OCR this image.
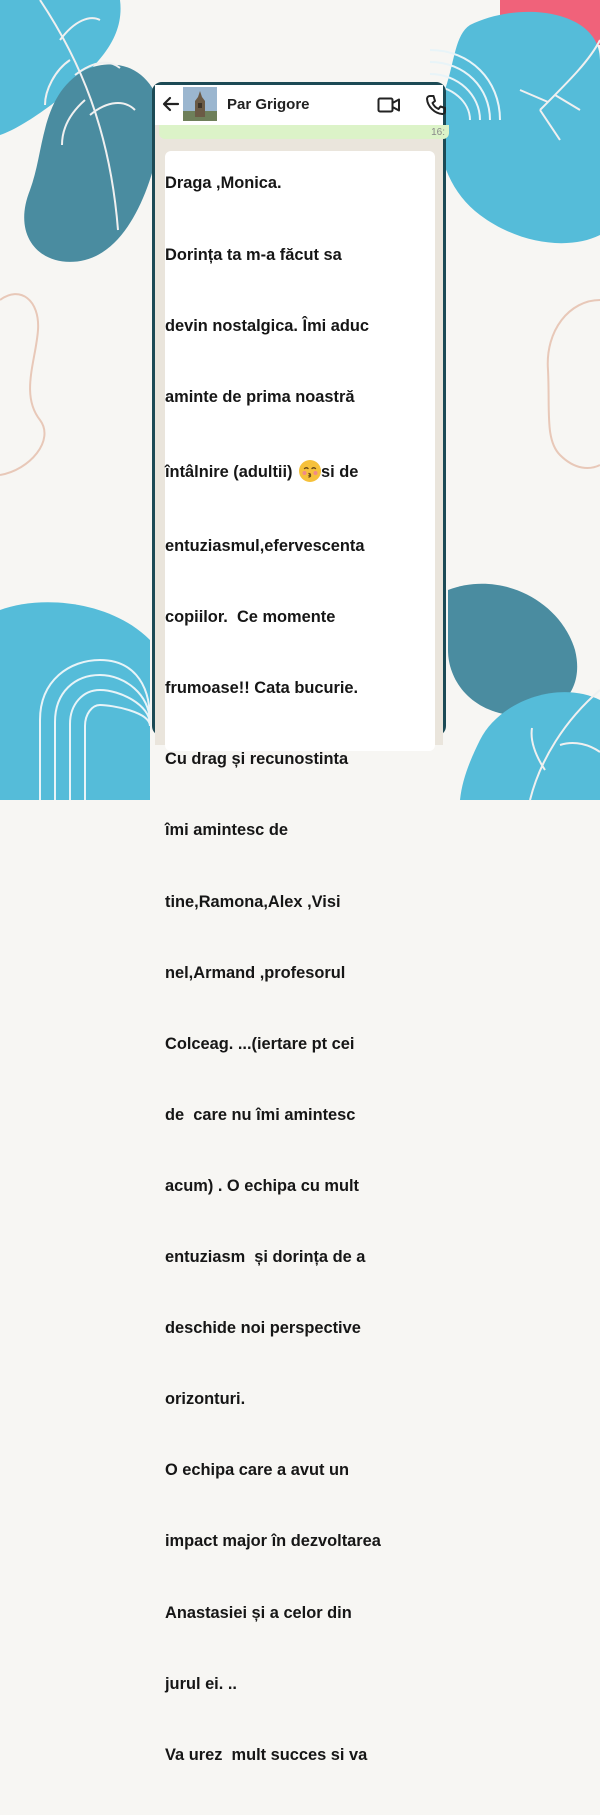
Par Grigore
16:

Draga ,Monica.

Dorința ta m-a făcut sa

devin nostalgica. Îmi aduc

aminte de prima noastră

întâlnire (adultii) si de

entuziasmul,efervescenta

copiilor.  Ce momente

frumoase!! Cata bucurie.

Cu drag și recunostinta

îmi amintesc de

tine,Ramona,Alex ,Visi

nel,Armand ,profesorul

Colceag. ...(iertare pt cei

de  care nu îmi amintesc

acum) . O echipa cu mult

entuziasm  și dorința de a

deschide noi perspective

orizonturi.

O echipa care a avut un

impact major în dezvoltarea

Anastasiei și a celor din

jurul ei. ..

Va urez  mult succes si va
